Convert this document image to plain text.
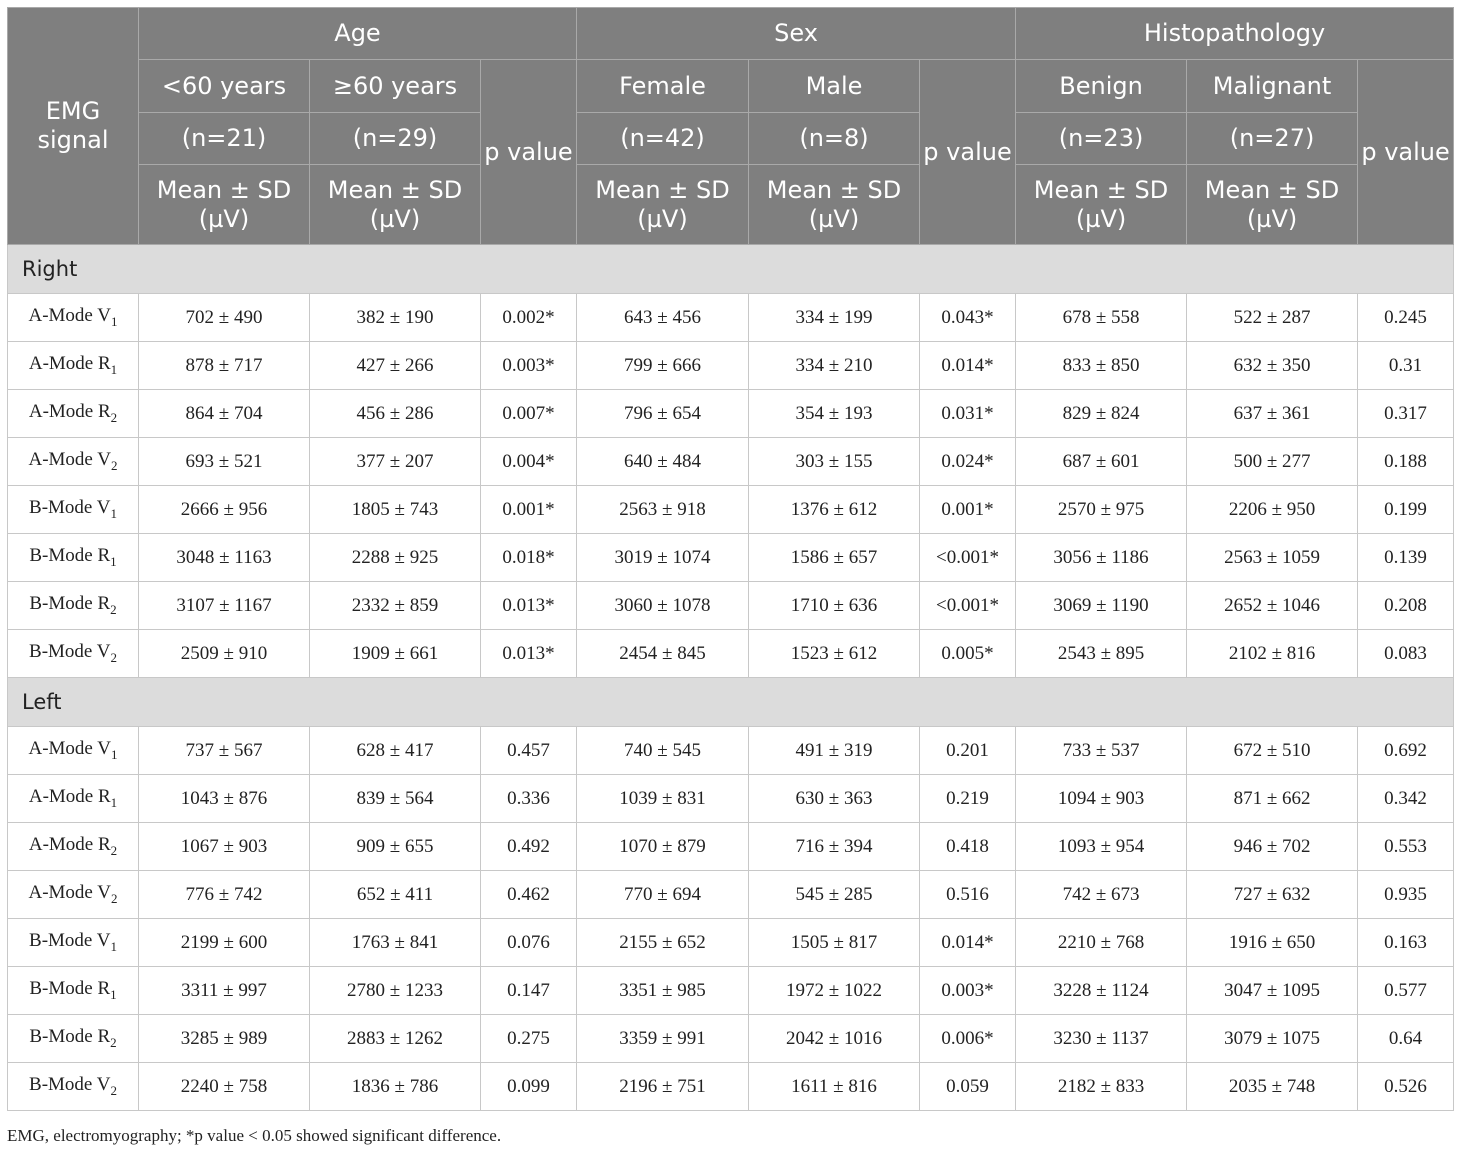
EMG signal	Age			Sex			Histopathology		
	<60 years	≥60 years	p value	Female	Male	p value	Benign	Malignant	p value
	(n=21)	(n=29)		(n=42)	(n=8)		(n=23)	(n=27)	
	Mean ± SD (µV)	Mean ± SD (µV)		Mean ± SD (µV)	Mean ± SD (µV)		Mean ± SD (µV)	Mean ± SD (µV)	
Right									
A-Mode $V_1$	702 ± 490	382 ± 190	0.002*	643 ± 456	334 ± 199	0.043*	678 ± 558	522 ± 287	0.245
A-Mode $R_1$	878 ± 717	427 ± 266	0.003*	799 ± 666	334 ± 210	0.014*	833 ± 850	632 ± 350	0.31
A-Mode $R_2$	864 ± 704	456 ± 286	0.007*	796 ± 654	354 ± 193	0.031*	829 ± 824	637 ± 361	0.317
A-Mode $V_2$	693 ± 521	377 ± 207	0.004*	640 ± 484	303 ± 155	0.024*	687 ± 601	500 ± 277	0.188
B-Mode $V_1$	2666 ± 956	1805 ± 743	0.001*	2563 ± 918	1376 ± 612	0.001*	2570 ± 975	2206 ± 950	0.199
B-Mode $R_1$	3048 ± 1163	2288 ± 925	0.018*	3019 ± 1074	1586 ± 657	<0.001*	3056 ± 1186	2563 ± 1059	0.139
B-Mode $R_2$	3107 ± 1167	2332 ± 859	0.013*	3060 ± 1078	1710 ± 636	<0.001*	3069 ± 1190	2652 ± 1046	0.208
B-Mode $V_2$	2509 ± 910	1909 ± 661	0.013*	2454 ± 845	1523 ± 612	0.005*	2543 ± 895	2102 ± 816	0.083
Left									
A-Mode $V_1$	737 ± 567	628 ± 417	0.457	740 ± 545	491 ± 319	0.201	733 ± 537	672 ± 510	0.692
A-Mode $R_1$	1043 ± 876	839 ± 564	0.336	1039 ± 831	630 ± 363	0.219	1094 ± 903	871 ± 662	0.342
A-Mode $R_2$	1067 ± 903	909 ± 655	0.492	1070 ± 879	716 ± 394	0.418	1093 ± 954	946 ± 702	0.553
A-Mode $V_2$	776 ± 742	652 ± 411	0.462	770 ± 694	545 ± 285	0.516	742 ± 673	727 ± 632	0.935
B-Mode $V_1$	2199 ± 600	1763 ± 841	0.076	2155 ± 652	1505 ± 817	0.014*	2210 ± 768	1916 ± 650	0.163
B-Mode $R_1$	3311 ± 997	2780 ± 1233	0.147	3351 ± 985	1972 ± 1022	0.003*	3228 ± 1124	3047 ± 1095	0.577
B-Mode $R_2$	3285 ± 989	2883 ± 1262	0.275	3359 ± 991	2042 ± 1016	0.006*	3230 ± 1137	3079 ± 1075	0.64
B-Mode $V_2$	2240 ± 758	1836 ± 786	0.099	2196 ± 751	1611 ± 816	0.059	2182 ± 833	2035 ± 748	0.526
EMG, electromyography; *p value < 0.05 showed significant difference.
